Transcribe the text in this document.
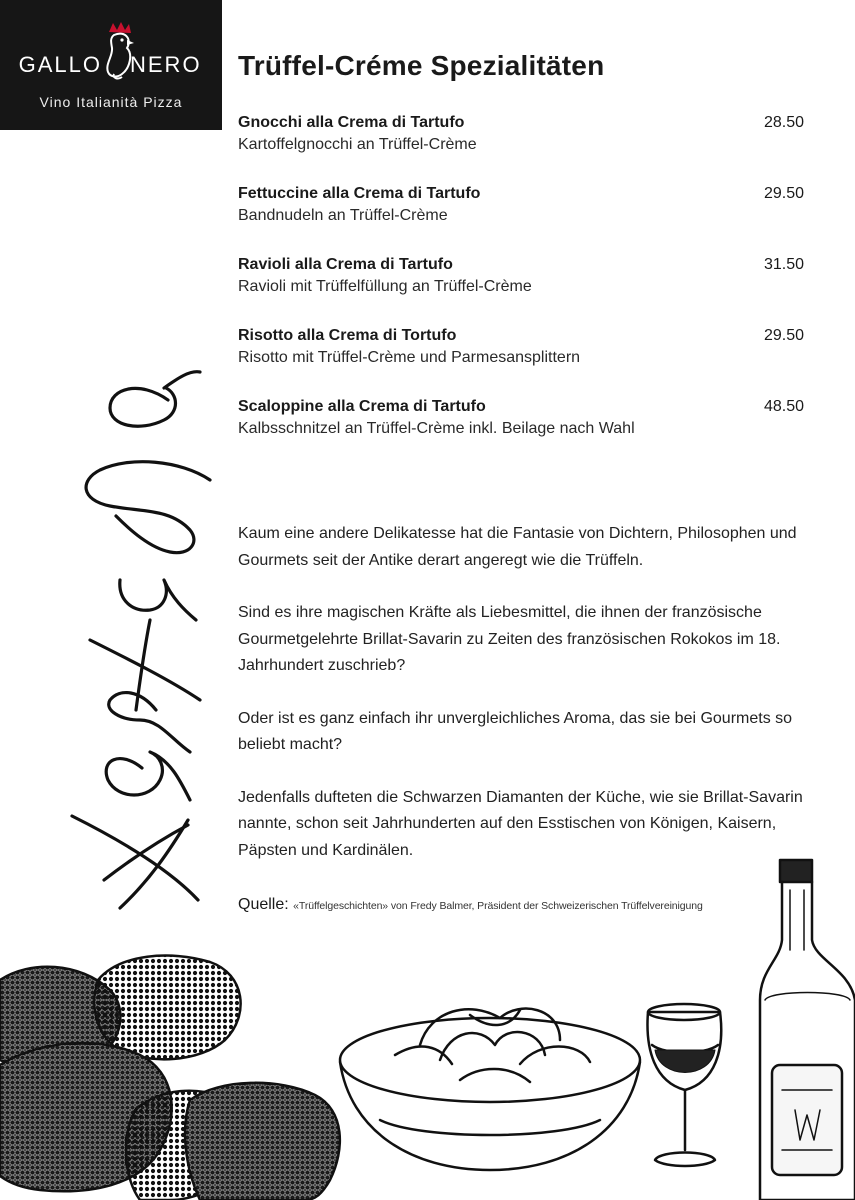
GALLO NERO
Vino Italianità Pizza
Trüffel-Créme Spezialitäten
Gnocchi alla Crema di Tartufo
Kartoffelgnocchi an Trüffel-Crème
28.50
Fettuccine alla Crema di Tartufo
Bandnudeln an Trüffel-Crème
29.50
Ravioli alla Crema di Tartufo
Ravioli mit Trüffelfüllung an Trüffel-Crème
31.50
Risotto alla Crema di Tortufo
Risotto mit Trüffel-Crème und Parmesansplittern
29.50
Scaloppine alla Crema di Tartufo
Kalbsschnitzel an Trüffel-Crème inkl. Beilage nach Wahl
48.50

Kaum eine andere Delikatesse hat die Fantasie von Dichtern, Philosophen und Gourmets seit der Antike derart angeregt wie die Trüffeln.

Sind es ihre magischen Kräfte als Liebesmittel, die ihnen der französische Gourmetgelehrte Brillat-Savarin zu Zeiten des französischen Rokokos im 18. Jahrhundert zuschrieb?

Oder ist es ganz einfach ihr unvergleichliches Aroma, das sie bei Gourmets so beliebt macht?

Jedenfalls dufteten die Schwarzen Diamanten der Küche, wie sie Brillat-Savarin nannte, schon seit Jahrhunderten auf den Esstischen von Königen, Kaisern, Päpsten und Kardinälen.

Quelle: «Trüffelgeschichten» von Fredy Balmer, Präsident der Schweizerischen Trüffelvereinigung
